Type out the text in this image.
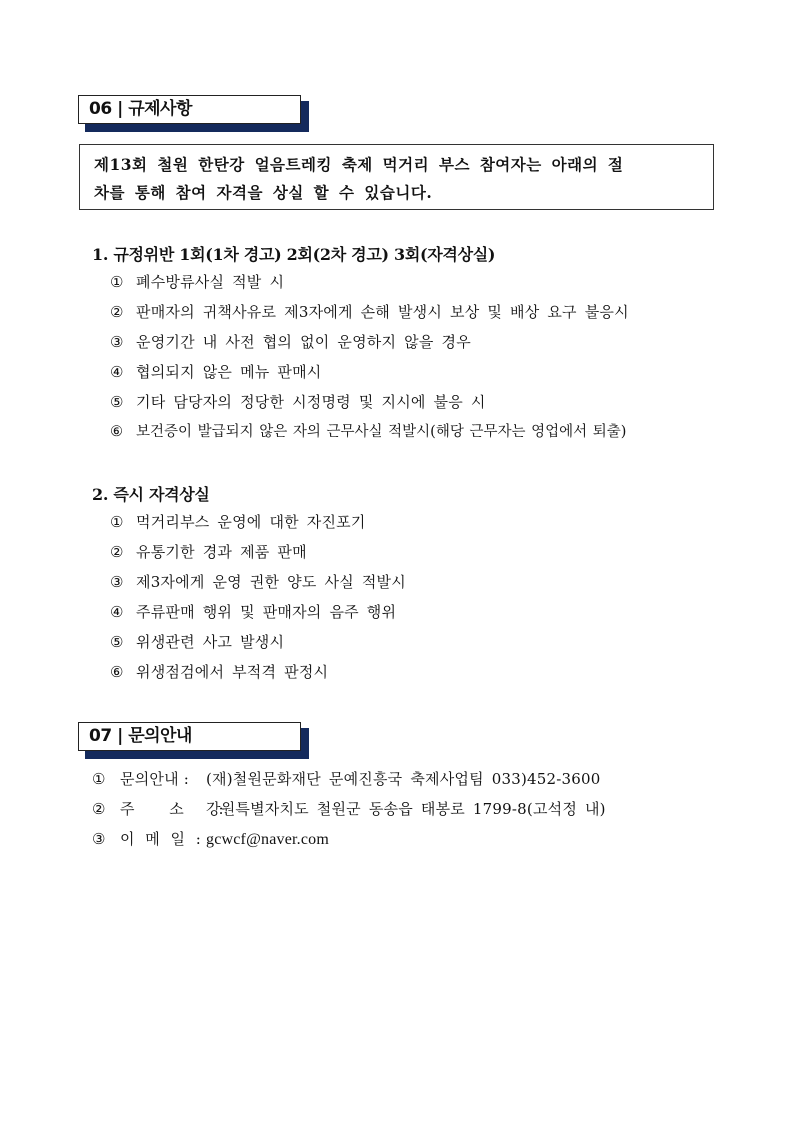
06 | 규제사항
제13회 철원 한탄강 얼음트레킹 축제 먹거리 부스 참여자는 아래의 절
차를 통해 참여 자격을 상실 할 수 있습니다.
1. 규정위반 1회(1차 경고) 2회(2차 경고) 3회(자격상실)
① 폐수방류사실 적발 시
② 판매자의 귀책사유로 제3자에게 손해 발생시 보상 및 배상 요구 불응시
③ 운영기간 내 사전 협의 없이 운영하지 않을 경우
④ 협의되지 않은 메뉴 판매시
⑤ 기타 담당자의 정당한 시정명령 및 지시에 불응 시
⑥ 보건증이 발급되지 않은 자의 근무사실 적발시(해당 근무자는 영업에서 퇴출)
2. 즉시 자격상실
① 먹거리부스 운영에 대한 자진포기
② 유통기한 경과 제품 판매
③ 제3자에게 운영 권한 양도 사실 적발시
④ 주류판매 행위 및 판매자의 음주 행위
⑤ 위생관련 사고 발생시
⑥ 위생점검에서 부적격 판정시
07 | 문의안내
① 문의안내 : (재)철원문화재단 문예진흥국 축제사업팀 033)452-3600
② 주 소 :강원특별자치도 철원군 동송읍 태봉로 1799-8(고석정 내)
③ 이 메 일 : gcwcf@naver.com
